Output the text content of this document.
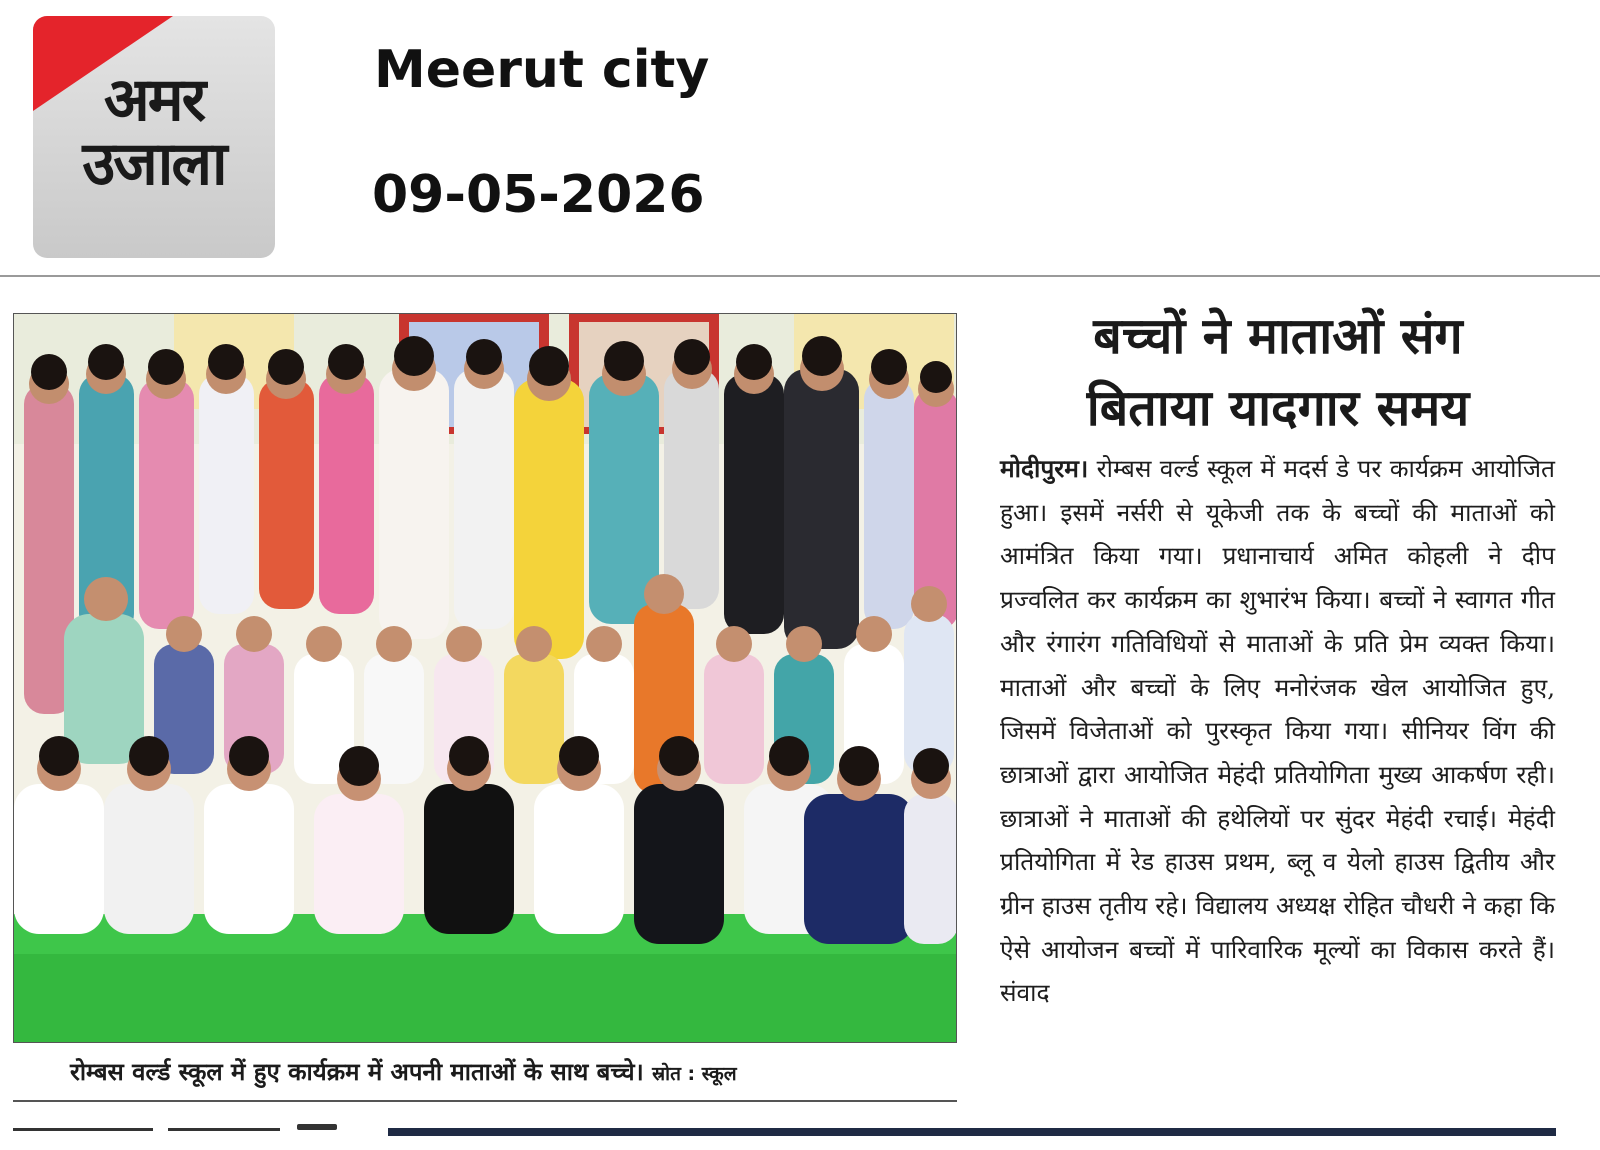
अमर
उजाला
Meerut city
09-05-2026
रोम्बस वर्ल्ड स्कूल में हुए कार्यक्रम में अपनी माताओं के साथ बच्चे। स्रोत : स्कूल
बच्चों ने माताओं संग
बिताया यादगार समय
मोदीपुरम। रोम्बस वर्ल्ड स्कूल में मदर्स डे पर कार्यक्रम आयोजित हुआ। इसमें नर्सरी से यूकेजी तक के बच्चों की माताओं को आमंत्रित किया गया। प्रधानाचार्य अमित कोहली ने दीप प्रज्वलित कर कार्यक्रम का शुभारंभ किया। बच्चों ने स्वागत गीत और रंगारंग गतिविधियों से माताओं के प्रति प्रेम व्यक्त किया। माताओं और बच्चों के लिए मनोरंजक खेल आयोजित हुए, जिसमें विजेताओं को पुरस्कृत किया गया। सीनियर विंग की छात्राओं द्वारा आयोजित मेहंदी प्रतियोगिता मुख्य आकर्षण रही। छात्राओं ने माताओं की हथेलियों पर सुंदर मेहंदी रचाई। मेहंदी प्रतियोगिता में रेड हाउस प्रथम, ब्लू व येलो हाउस द्वितीय और ग्रीन हाउस तृतीय रहे। विद्यालय अध्यक्ष रोहित चौधरी ने कहा कि ऐसे आयोजन बच्चों में पारिवारिक मूल्यों का विकास करते हैं। संवाद
